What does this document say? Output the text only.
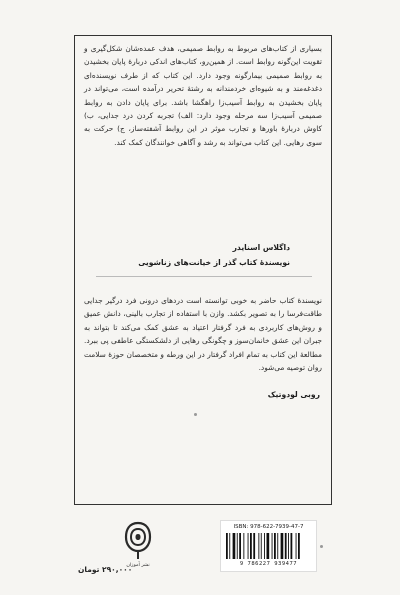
بسیاری از کتاب‌های مربوط به روابط صمیمی، هدف عمده‌شان شکل‌گیری و تقویت این‌گونه روابط است. از همین‌رو، کتاب‌های اندکی دربارهٔ پایان بخشیدن به روابط صمیمی بیمارگونه وجود دارد. این کتاب که از طرف نویسنده‌ای دغدغه‌مند و به شیوه‌ای خردمندانه به رشتهٔ تحریر درآمده است، می‌تواند در پایان بخشیدن به روابط آسیب‌زا راهگشا باشد. برای پایان دادن به روابط صمیمی آسیب‌زا سه مرحله وجود دارد: الف) تجربه کردن درد جدایی، ب) کاوش دربارهٔ باورها و تجارب موثر در این روابط آشفته‌ساز، ج) حرکت به سوی رهایی. این کتاب می‌تواند به رشد و آگاهی خوانندگان کمک کند.

داگلاس اسنایدر
نویسندهٔ کتاب گذر از خیانت‌های زناشویی

نویسندهٔ کتاب حاضر به خوبی توانسته است دردهای درونی فرد درگیر جدایی طاقت‌فرسا را به تصویر بکشد. وازن با استفاده از تجارب بالینی، دانش عمیق و روش‌های کاربردی به فرد گرفتار اعتیاد به عشق کمک می‌کند تا بتواند به جبران این عشق خانمان‌سوز و چگونگی رهایی از دلشکستگی عاطفی پی ببرد. مطالعهٔ این کتاب به تمام افراد گرفتار در این ورطه و متخصصان حوزهٔ سلامت روان توصیه می‌شود.

روبی لودوتیک
نشر آموزان
۲۹۰,۰۰۰ تومان
ISBN: 978-622-7939-47-7
9 786227 939477
